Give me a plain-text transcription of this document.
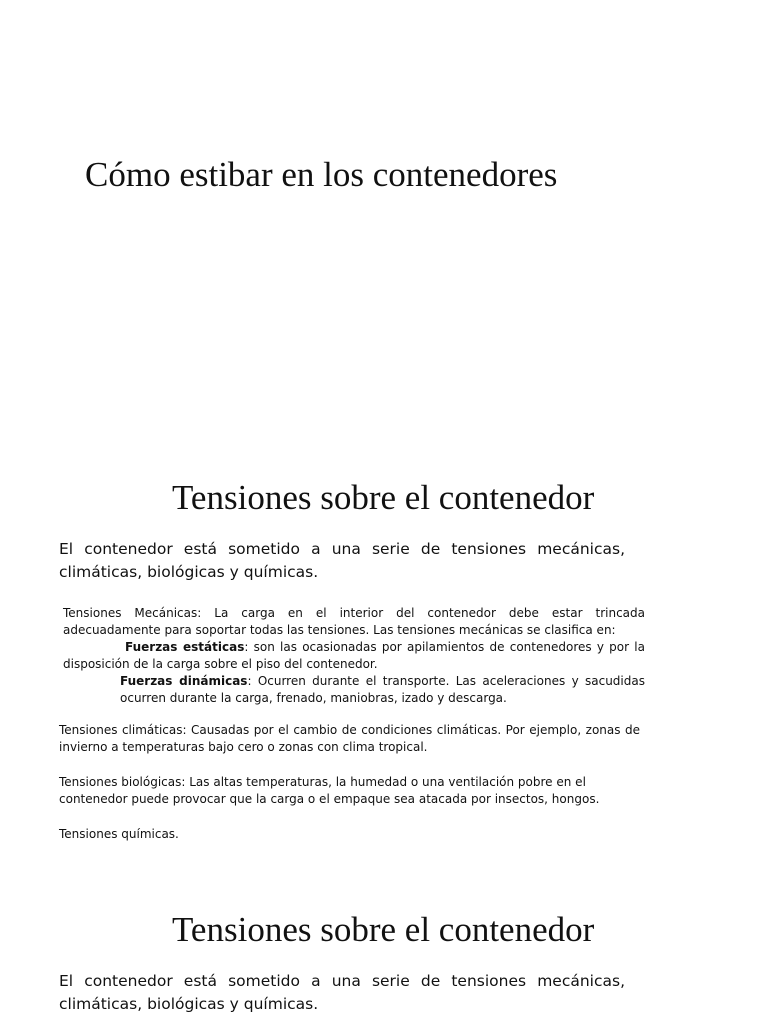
Cómo estibar en los contenedores
Tensiones sobre el contenedor

El contenedor está sometido a una serie de tensiones mecánicas, climáticas, biológicas y químicas.

Tensiones Mecánicas: La carga en el interior del contenedor debe estar trincada adecuadamente para soportar todas las tensiones. Las tensiones mecánicas se clasifica en:

Fuerzas estáticas: son las ocasionadas por apilamientos de contenedores y por la disposición de la carga sobre el piso del contenedor.

Fuerzas dinámicas: Ocurren durante el transporte. Las aceleraciones y sacudidas ocurren durante la carga, frenado, maniobras, izado y descarga.

Tensiones climáticas: Causadas por el cambio de condiciones climáticas. Por ejemplo, zonas de invierno a temperaturas bajo cero o zonas con clima tropical.

Tensiones biológicas: Las altas temperaturas, la humedad o una ventilación pobre en el contenedor puede provocar que la carga o el empaque sea atacada por insectos, hongos.

Tensiones químicas.

Tensiones sobre el contenedor

El contenedor está sometido a una serie de tensiones mecánicas, climáticas, biológicas y químicas.
